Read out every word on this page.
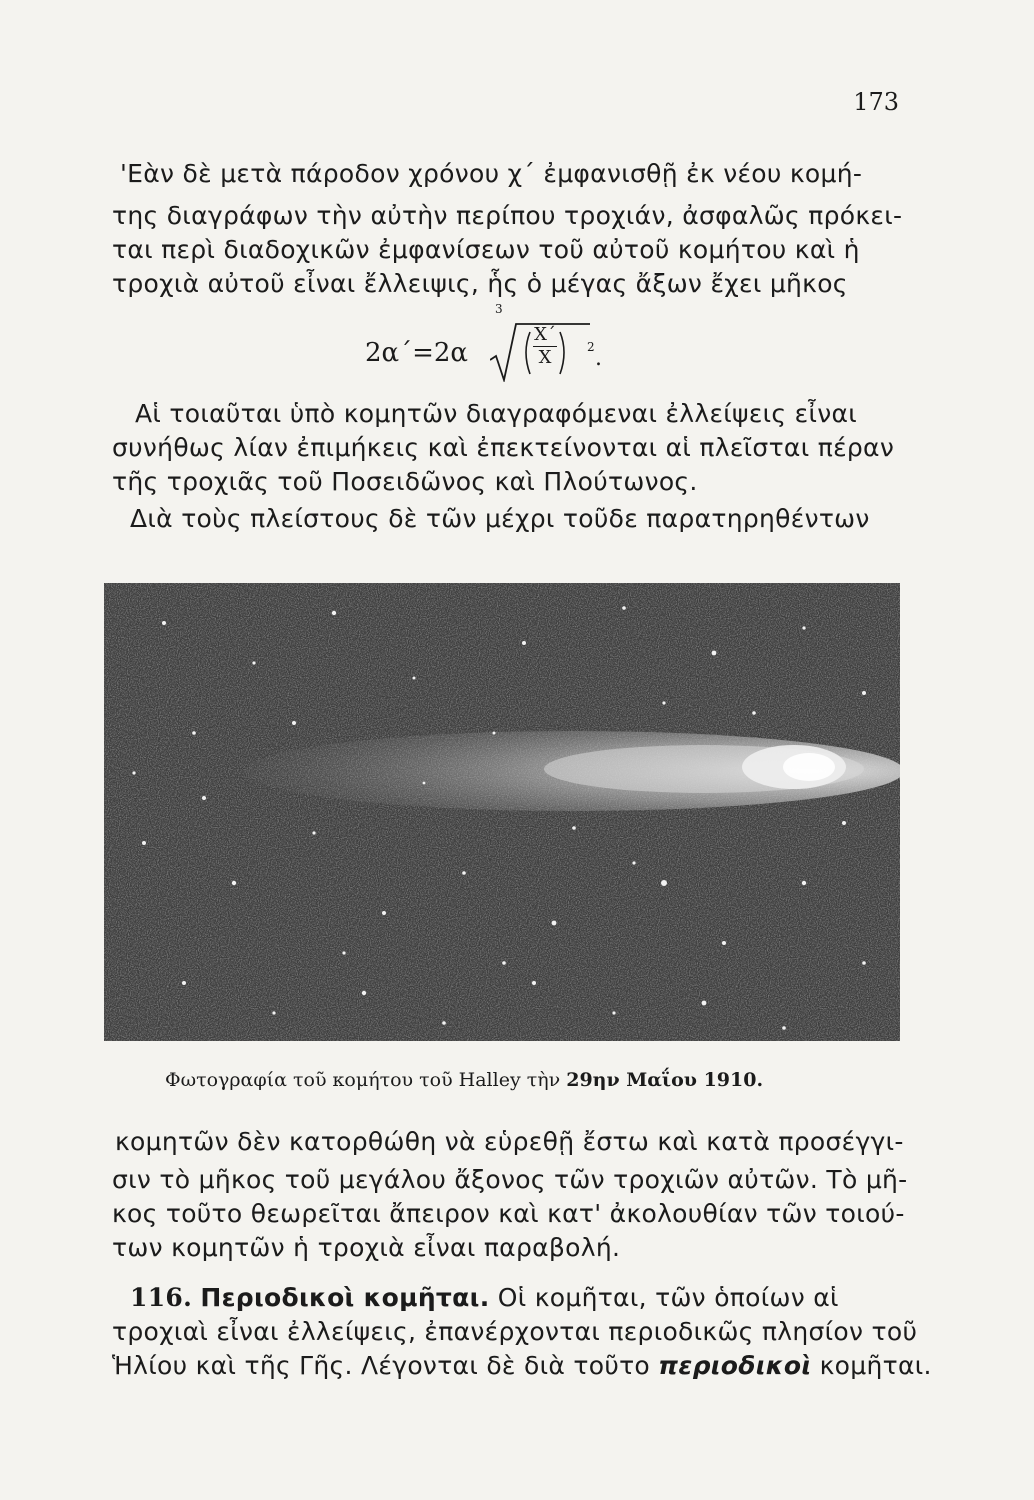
173
'Εὰν δὲ μετὰ πάροδον χρόνου χ΄ ἐμφανισθῇ ἐκ νέου κομή-
της διαγράφων τὴν αὐτὴν περίπου τροχιάν, ἀσφαλῶς πρόκει-
ται περὶ διαδοχικῶν ἐμφανίσεων τοῦ αὐτοῦ κομήτου καὶ ἡ
τροχιὰ αὐτοῦ εἶναι ἔλλειψις, ἧς ὁ μέγας ἄξων ἔχει μῆκος
2α΄=2α
3
$\frac{X΄}{X}$	2 .
Αἱ τοιαῦται ὑπὸ κομητῶν διαγραφόμεναι ἐλλείψεις εἶναι
συνήθως λίαν ἐπιμήκεις καὶ ἐπεκτείνονται αἱ πλεῖσται πέραν
τῆς τροχιᾶς τοῦ Ποσειδῶνος καὶ Πλούτωνος.
Διὰ τοὺς πλείστους δὲ τῶν μέχρι τοῦδε παρατηρηθέντων
Φωτογραφία τοῦ κομήτου τοῦ Halley τὴν 29ην Μαΐου 1910.
κομητῶν δὲν κατορθώθη νὰ εὑρεθῇ ἔστω καὶ κατὰ προσέγγι-
σιν τὸ μῆκος τοῦ μεγάλου ἄξονος τῶν τροχιῶν αὐτῶν. Τὸ μῆ-
κος τοῦτο θεωρεῖται ἄπειρον καὶ κατ' ἀκολουθίαν τῶν τοιού-
των κομητῶν ἡ τροχιὰ εἶναι παραβολή.
116. Περιοδικοὶ κομῆται. Οἱ κομῆται, τῶν ὁποίων αἱ
τροχιαὶ εἶναι ἐλλείψεις, ἐπανέρχονται περιοδικῶς πλησίον τοῦ
Ἡλίου καὶ τῆς Γῆς. Λέγονται δὲ διὰ τοῦτο περιοδικοὶ κομῆται.
